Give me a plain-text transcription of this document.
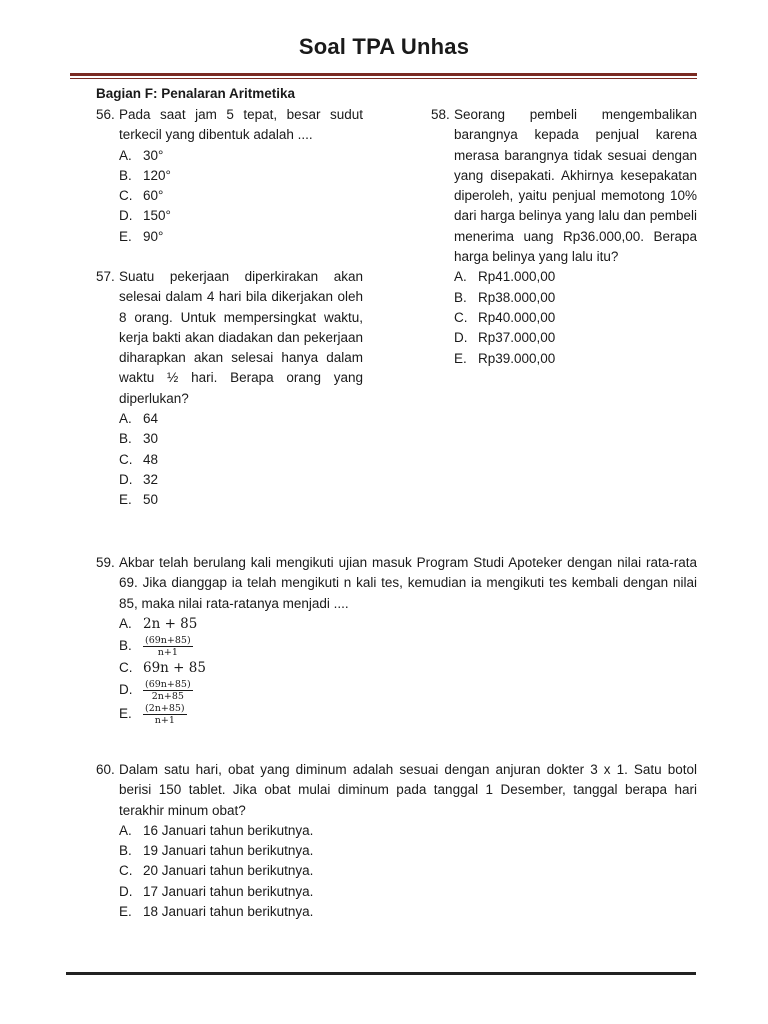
Soal TPA Unhas
Bagian F: Penalaran Aritmetika
56. Pada saat jam 5 tepat, besar sudut terkecil yang dibentuk adalah ....
A. 30°
B. 120°
C. 60°
D. 150°
E. 90°
57. Suatu pekerjaan diperkirakan akan selesai dalam 4 hari bila dikerjakan oleh 8 orang. Untuk mempersingkat waktu, kerja bakti akan diadakan dan pekerjaan diharapkan akan selesai hanya dalam waktu ½ hari. Berapa orang yang diperlukan?
A. 64
B. 30
C. 48
D. 32
E. 50
58. Seorang pembeli mengembalikan barangnya kepada penjual karena merasa barangnya tidak sesuai dengan yang disepakati. Akhirnya kesepakatan diperoleh, yaitu penjual memotong 10% dari harga belinya yang lalu dan pembeli menerima uang Rp36.000,00. Berapa harga belinya yang lalu itu?
A. Rp41.000,00
B. Rp38.000,00
C. Rp40.000,00
D. Rp37.000,00
E. Rp39.000,00
59. Akbar telah berulang kali mengikuti ujian masuk Program Studi Apoteker dengan nilai rata-rata 69. Jika dianggap ia telah mengikuti n kali tes, kemudian ia mengikuti tes kembali dengan nilai 85, maka nilai rata-ratanya menjadi ....
A. 2n + 85
B.	$\frac{(69n+85)}{n+1}$
C. 69n + 85
D.	$\frac{(69n+85)}{2n+85}$
E.	$\frac{(2n+85)}{n+1}$
60. Dalam satu hari, obat yang diminum adalah sesuai dengan anjuran dokter 3 x 1. Satu botol berisi 150 tablet. Jika obat mulai diminum pada tanggal 1 Desember, tanggal berapa hari terakhir minum obat?
A. 16 Januari tahun berikutnya.
B. 19 Januari tahun berikutnya.
C. 20 Januari tahun berikutnya.
D. 17 Januari tahun berikutnya.
E. 18 Januari tahun berikutnya.
